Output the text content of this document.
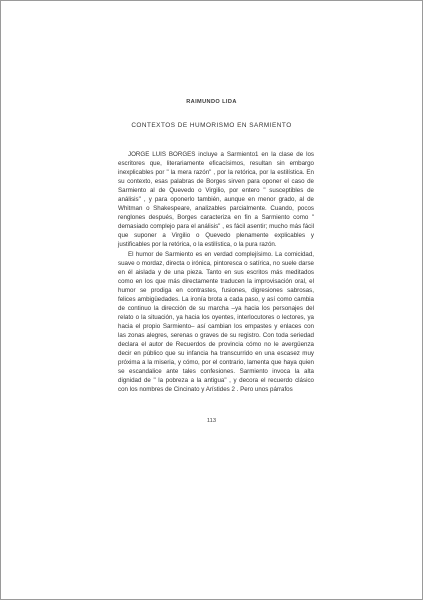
RAIMUNDO LIDA
CONTEXTOS DE HUMORISMO EN SARMIENTO

JORGE LUIS BORGES incluye a Sarmiento1 en la clase de los escritores que, literariamente eficacísimos, resultan sin embargo inexplicables por " la mera razón" , por la retórica, por la estilística. En su contexto, esas palabras de Borges sirven para oponer el caso de Sarmiento al de Quevedo o Virgilio, por entero " susceptibles de análisis" , y para oponerlo también, aunque en menor grado, al de Whitman o Shakespeare, analizables parcialmente. Cuando, pocos renglones después, Borges caracteriza en fin a Sarmiento como " demasiado complejo para el análisis" , es fácil asentir; mucho más fácil que suponer a Virgilio o Quevedo plenamente explicables y justificables por la retórica, o la estilística, o la pura razón.

El humor de Sarmiento es en verdad complejísimo. La comicidad, suave o mordaz, directa o irónica, pintoresca o satírica, no suele darse en él aislada y de una pieza. Tanto en sus escritos más meditados como en los que más directamente traducen la improvisación oral, el humor se prodiga en contrastes, fusiones, digresiones sabrosas, felices ambigüedades. La ironía brota a cada paso, y así como cambia de continuo la dirección de su marcha –ya hacia los personajes del relato o la situación, ya hacia los oyentes, interlocutores o lectores, ya hacia el propio Sarmiento– así cambian los empastes y enlaces con las zonas alegres, serenas o graves de su registro. Con toda seriedad declara el autor de Recuerdos de provincia cómo no le avergüenza decir en público que su infancia ha transcurrido en una escasez muy próxima a la miseria, y cómo, por el contrario, lamenta que haya quien se escandalice ante tales confesiones. Sarmiento invoca la alta dignidad de " la pobreza a la antigua" , y decora el recuerdo clásico con los nombres de Cincinato y Arístides 2 . Pero unos párrafos

113
